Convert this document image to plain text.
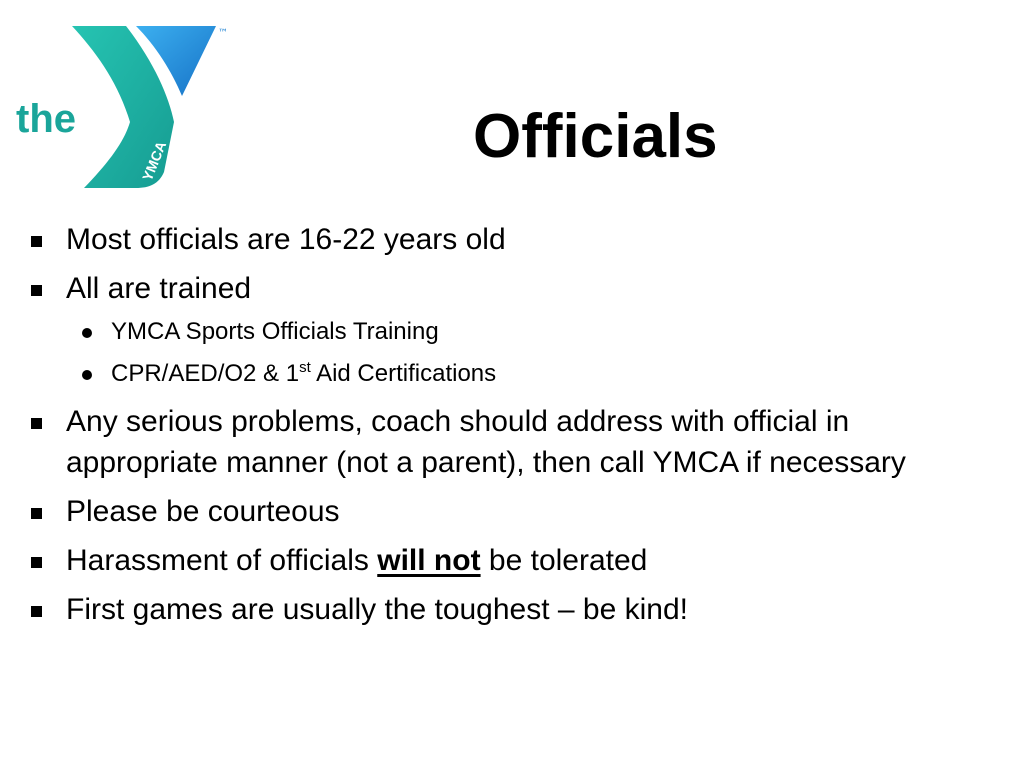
the
YMCA
™
Officials
Most officials are 16-22 years old
All are trained
YMCA Sports Officials Training
CPR/AED/O2 & 1st Aid Certifications
Any serious problems, coach should address with official in appropriate manner (not a parent), then call YMCA if necessary
Please be courteous
Harassment of officials will not be tolerated
First games are usually the toughest – be kind!
